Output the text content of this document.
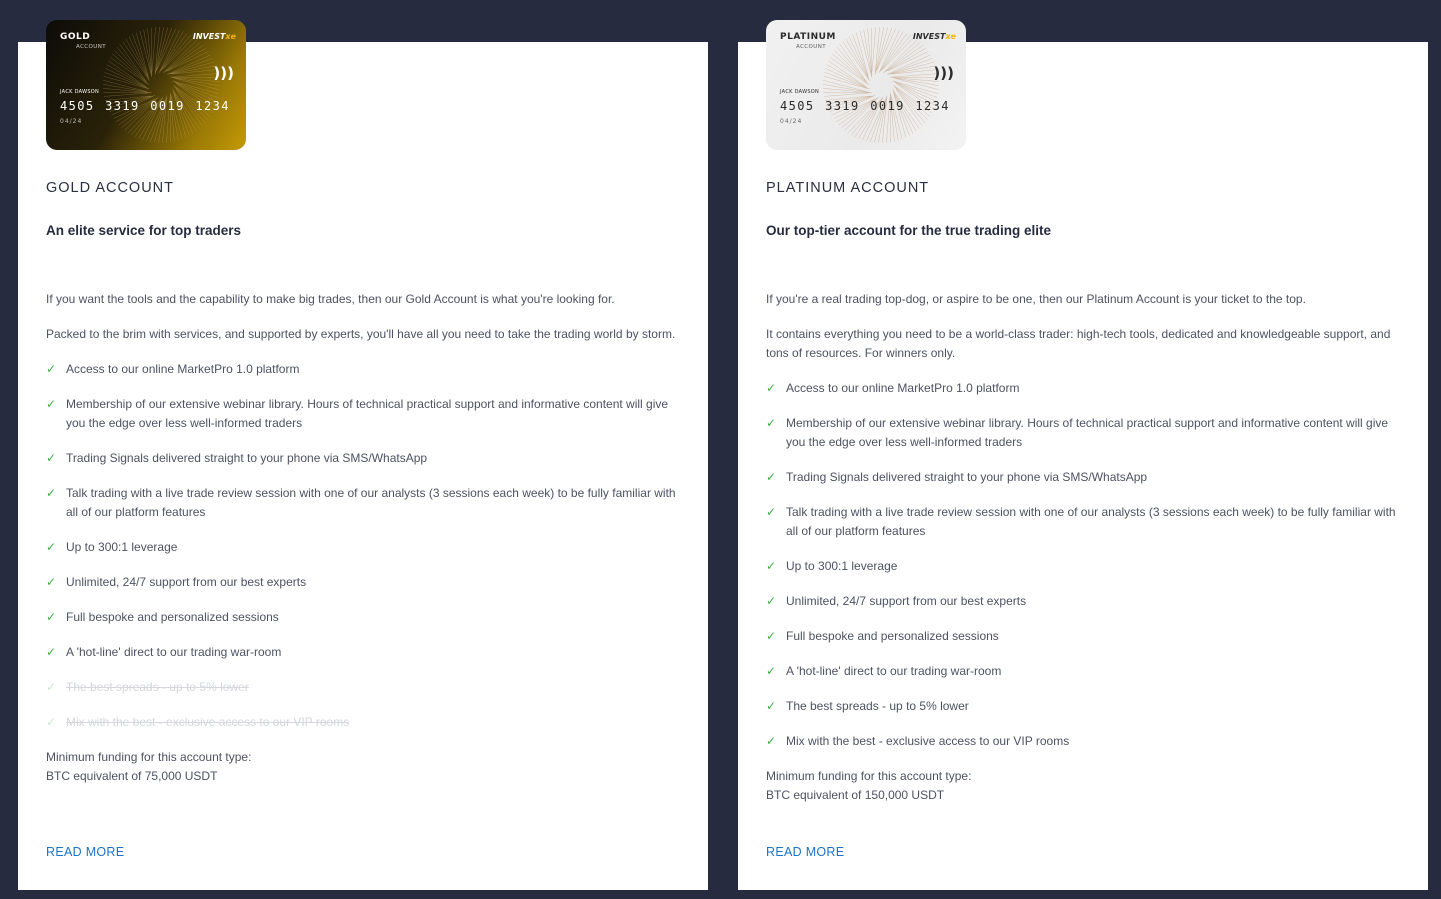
GOLD
ACCOUNT
INVESTxe
)))
JACK DAWSON
4505 3319 0019 1234
04/24
GOLD ACCOUNT
An elite service for top traders

If you want the tools and the capability to make big trades, then our Gold Account is what you're looking for.

Packed to the brim with services, and supported by experts, you'll have all you need to take the trading world by storm.

✓ Access to our online MarketPro 1.0 platform
✓ Membership of our extensive webinar library. Hours of technical practical support and informative content will give you the edge over less well-informed traders
✓ Trading Signals delivered straight to your phone via SMS/WhatsApp
✓ Talk trading with a live trade review session with one of our analysts (3 sessions each week) to be fully familiar with all of our platform features
✓ Up to 300:1 leverage
✓ Unlimited, 24/7 support from our best experts
✓ Full bespoke and personalized sessions
✓ A 'hot-line' direct to our trading war-room
✓ The best spreads - up to 5% lower
✓ Mix with the best - exclusive access to our VIP rooms

Minimum funding for this account type:
BTC equivalent of 75,000 USDT

READ MORE
PLATINUM
ACCOUNT
INVESTxe
)))
JACK DAWSON
4505 3319 0019 1234
04/24
PLATINUM ACCOUNT
Our top-tier account for the true trading elite

If you're a real trading top-dog, or aspire to be one, then our Platinum Account is your ticket to the top.

It contains everything you need to be a world-class trader: high-tech tools, dedicated and knowledgeable support, and tons of resources. For winners only.

✓ Access to our online MarketPro 1.0 platform
✓ Membership of our extensive webinar library. Hours of technical practical support and informative content will give you the edge over less well-informed traders
✓ Trading Signals delivered straight to your phone via SMS/WhatsApp
✓ Talk trading with a live trade review session with one of our analysts (3 sessions each week) to be fully familiar with all of our platform features
✓ Up to 300:1 leverage
✓ Unlimited, 24/7 support from our best experts
✓ Full bespoke and personalized sessions
✓ A 'hot-line' direct to our trading war-room
✓ The best spreads - up to 5% lower
✓ Mix with the best - exclusive access to our VIP rooms

Minimum funding for this account type:
BTC equivalent of 150,000 USDT

READ MORE
